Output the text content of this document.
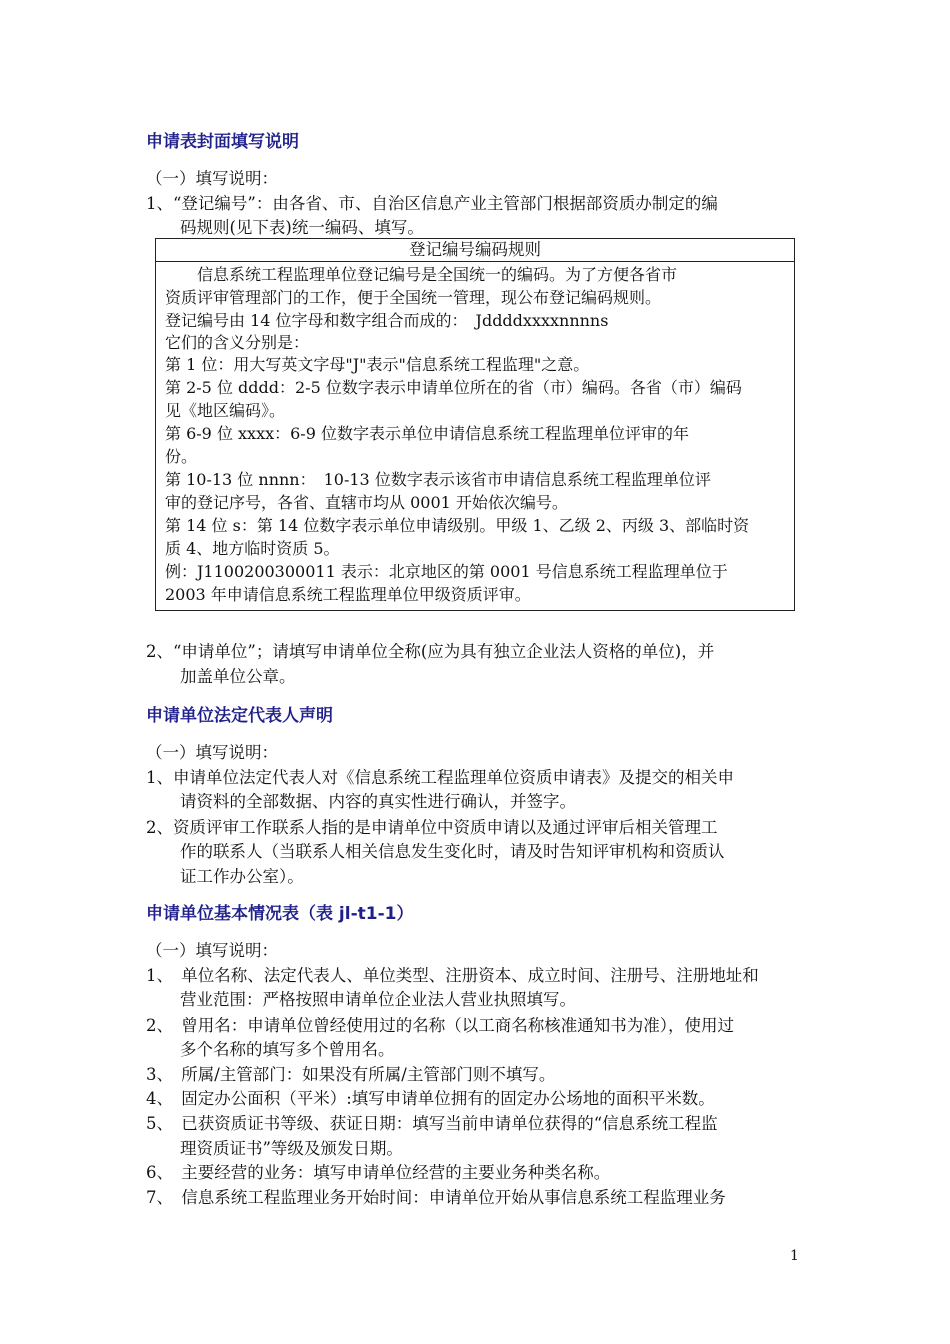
申请表封面填写说明
（一）填写说明：
1、“登记编号”：由各省、市、自治区信息产业主管部门根据部资质办制定的编
码规则(见下表)统一编码、填写。
登记编号编码规则
　　信息系统工程监理单位登记编号是全国统一的编码。为了方便各省市
资质评审管理部门的工作，便于全国统一管理，现公布登记编码规则。
登记编号由 14 位字母和数字组合而成的：　Jddddxxxxnnnns
它们的含义分别是：
第 1 位：用大写英文字母"J"表示"信息系统工程监理"之意。
第 2-5 位 dddd：2-5 位数字表示申请单位所在的省（市）编码。各省（市）编码
见《地区编码》。
第 6-9 位 xxxx：6-9 位数字表示单位申请信息系统工程监理单位评审的年
份。
第 10-13 位 nnnn：　10-13 位数字表示该省市申请信息系统工程监理单位评
审的登记序号，各省、直辖市均从 0001 开始依次编号。
第 14 位 s：第 14 位数字表示单位申请级别。甲级 1、乙级 2、丙级 3、部临时资
质 4、地方临时资质 5。
例：J1100200300011 表示：北京地区的第 0001 号信息系统工程监理单位于
2003 年申请信息系统工程监理单位甲级资质评审。
2、“申请单位”；请填写申请单位全称(应为具有独立企业法人资格的单位)，并
加盖单位公章。
申请单位法定代表人声明
（一）填写说明：
1、申请单位法定代表人对《信息系统工程监理单位资质申请表》及提交的相关申
请资料的全部数据、内容的真实性进行确认，并签字。
2、资质评审工作联系人指的是申请单位中资质申请以及通过评审后相关管理工
作的联系人（当联系人相关信息发生变化时，请及时告知评审机构和资质认
证工作办公室）。
申请单位基本情况表（表 jl-t1-1）
（一）填写说明：
1、　单位名称、法定代表人、单位类型、注册资本、成立时间、注册号、注册地址和
营业范围：严格按照申请单位企业法人营业执照填写。
2、　曾用名：申请单位曾经使用过的名称（以工商名称核准通知书为准），使用过
多个名称的填写多个曾用名。
3、　所属/主管部门：如果没有所属/主管部门则不填写。
4、　固定办公面积（平米）:填写申请单位拥有的固定办公场地的面积平米数。
5、　已获资质证书等级、获证日期：填写当前申请单位获得的“信息系统工程监
理资质证书”等级及颁发日期。
6、　主要经营的业务：填写申请单位经营的主要业务种类名称。
7、　信息系统工程监理业务开始时间：申请单位开始从事信息系统工程监理业务
1
